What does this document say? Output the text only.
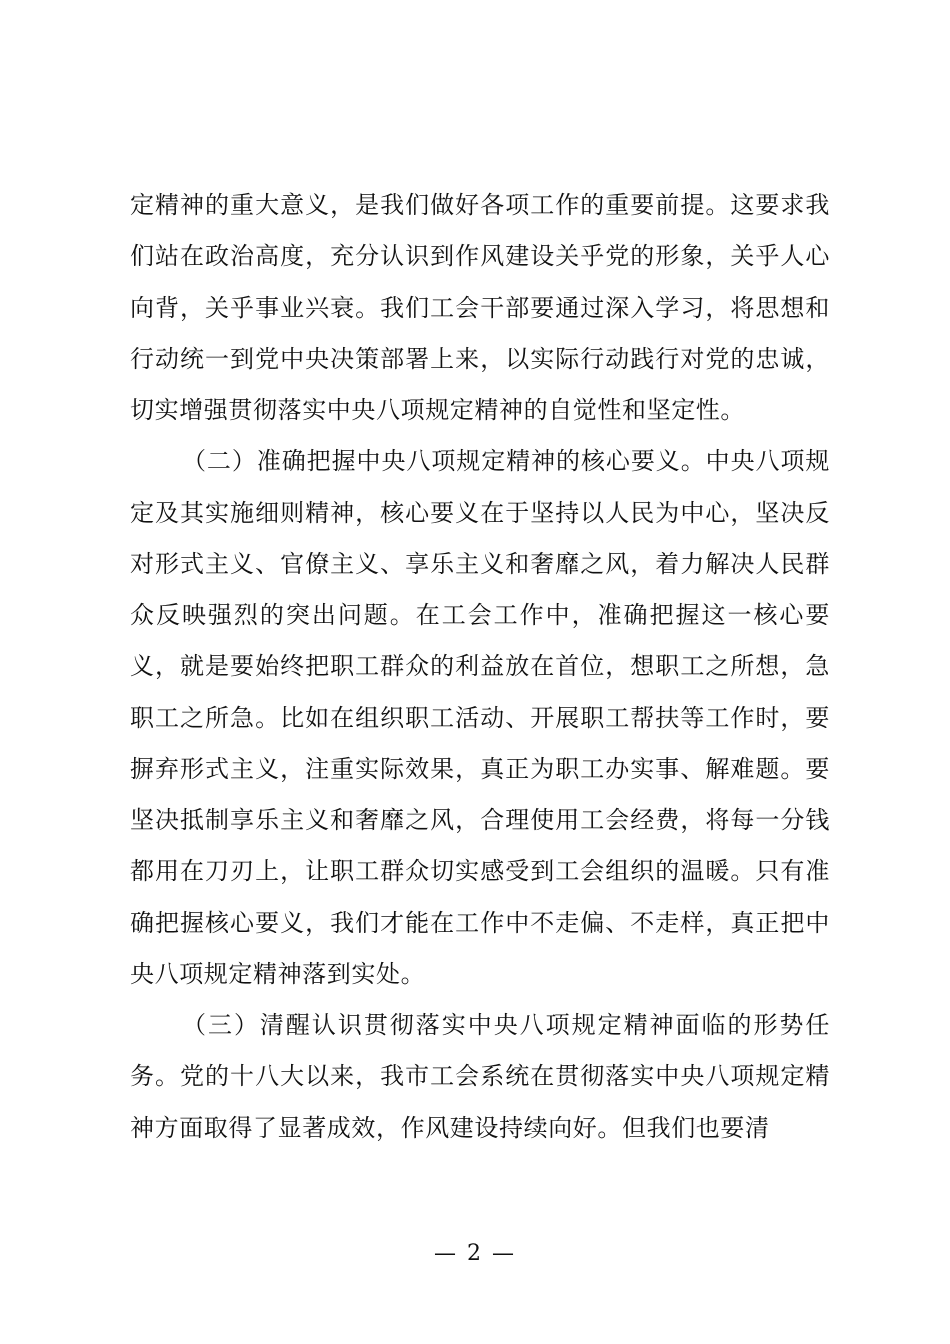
定精神的重大意义，是我们做好各项工作的重要前提。这要求我们站在政治高度，充分认识到作风建设关乎党的形象，关乎人心向背，关乎事业兴衰。我们工会干部要通过深入学习，将思想和行动统一到党中央决策部署上来，以实际行动践行对党的忠诚，切实增强贯彻落实中央八项规定精神的自觉性和坚定性。

（二）准确把握中央八项规定精神的核心要义。中央八项规定及其实施细则精神，核心要义在于坚持以人民为中心，坚决反对形式主义、官僚主义、享乐主义和奢靡之风，着力解决人民群众反映强烈的突出问题。在工会工作中，准确把握这一核心要义，就是要始终把职工群众的利益放在首位，想职工之所想，急职工之所急。比如在组织职工活动、开展职工帮扶等工作时，要摒弃形式主义，注重实际效果，真正为职工办实事、解难题。要坚决抵制享乐主义和奢靡之风，合理使用工会经费，将每一分钱都用在刀刃上，让职工群众切实感受到工会组织的温暖。只有准确把握核心要义，我们才能在工作中不走偏、不走样，真正把中央八项规定精神落到实处。

（三）清醒认识贯彻落实中央八项规定精神面临的形势任务。党的十八大以来，我市工会系统在贯彻落实中央八项规定精神方面取得了显著成效，作风建设持续向好。但我们也要清

— 2 —
